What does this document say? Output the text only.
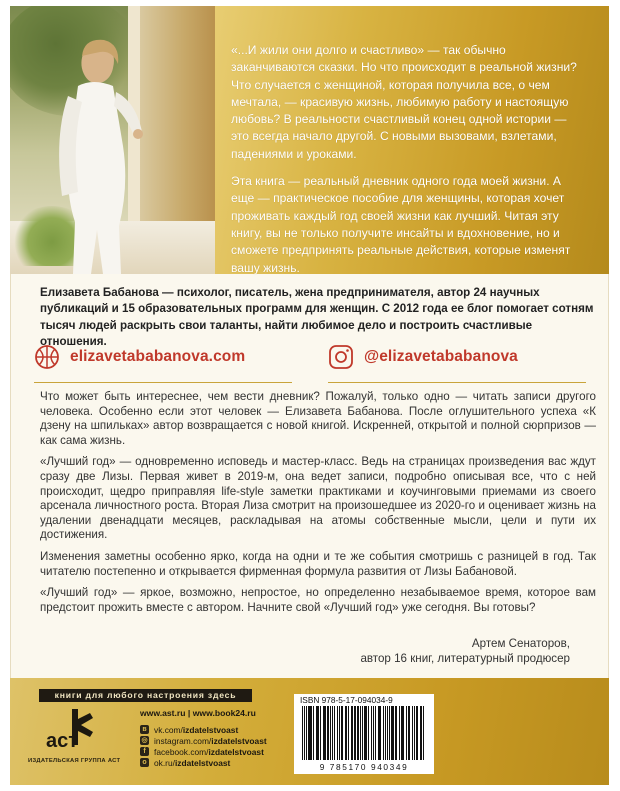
«...И жили они долго и счастливо» — так обычно заканчиваются сказки. Но что происходит в реальной жизни? Что случается с женщиной, которая получила все, о чем мечтала, — красивую жизнь, любимую работу и настоящую любовь? В реальности счастливый конец одной истории — это всегда начало другой. С новыми вызовами, взлетами, падениями и уроками.

Эта книга — реальный дневник одного года моей жизни. А еще — практическое пособие для женщины, которая хочет проживать каждый год своей жизни как лучший. Читая эту книгу, вы не только получите инсайты и вдохновение, но и сможете предпринять реальные действия, которые изменят вашу жизнь.

Елизавета Бабанова — психолог, писатель, жена предпринимателя, автор 24 научных публикаций и 15 образовательных программ для женщин. С 2012 года ее блог помогает сотням тысяч людей раскрыть свои таланты, найти любимое дело и построить счастливые отношения.
elizavetababanova.com	@elizavetababanova

Что может быть интереснее, чем вести дневник? Пожалуй, только одно — читать записи другого человека. Особенно если этот человек — Елизавета Бабанова. После оглушительного успеха «К дзену на шпильках» автор возвращается с новой книгой. Искренней, открытой и полной сюрпризов — как сама жизнь.

«Лучший год» — одновременно исповедь и мастер-класс. Ведь на страницах произведения вас ждут сразу две Лизы. Первая живет в 2019-м, она ведет записи, подробно описывая все, что с ней происходит, щедро приправляя life-style заметки практиками и коучинговыми приемами из своего арсенала личностного роста. Вторая Лиза смотрит на произошедшее из 2020-го и оценивает жизнь на удалении двенадцати месяцев, раскладывая на атомы собственные мысли, цели и пути их достижения.

Изменения заметны особенно ярко, когда на одни и те же события смотришь с разницей в год. Так читателю постепенно и открывается фирменная формула развития от Лизы Бабановой.

«Лучший год» — яркое, возможно, непростое, но определенно незабываемое время, которое вам предстоит прожить вместе с автором. Начните свой «Лучший год» уже сегодня. Вы готовы?

Артем Сенаторов,
автор 16 книг, литературный продюсер
книги для любого настроения здесь
аст
ИЗДАТЕЛЬСКАЯ ГРУППА АСТ
www.ast.ru | www.book24.ru
в vk.com/izdatelstvoast
◎ instagram.com/izdatelstvoast
f facebook.com/izdatelstvoast
о ok.ru/izdatelstvoast
ISBN 978-5-17-094034-9
9 785170 940349
